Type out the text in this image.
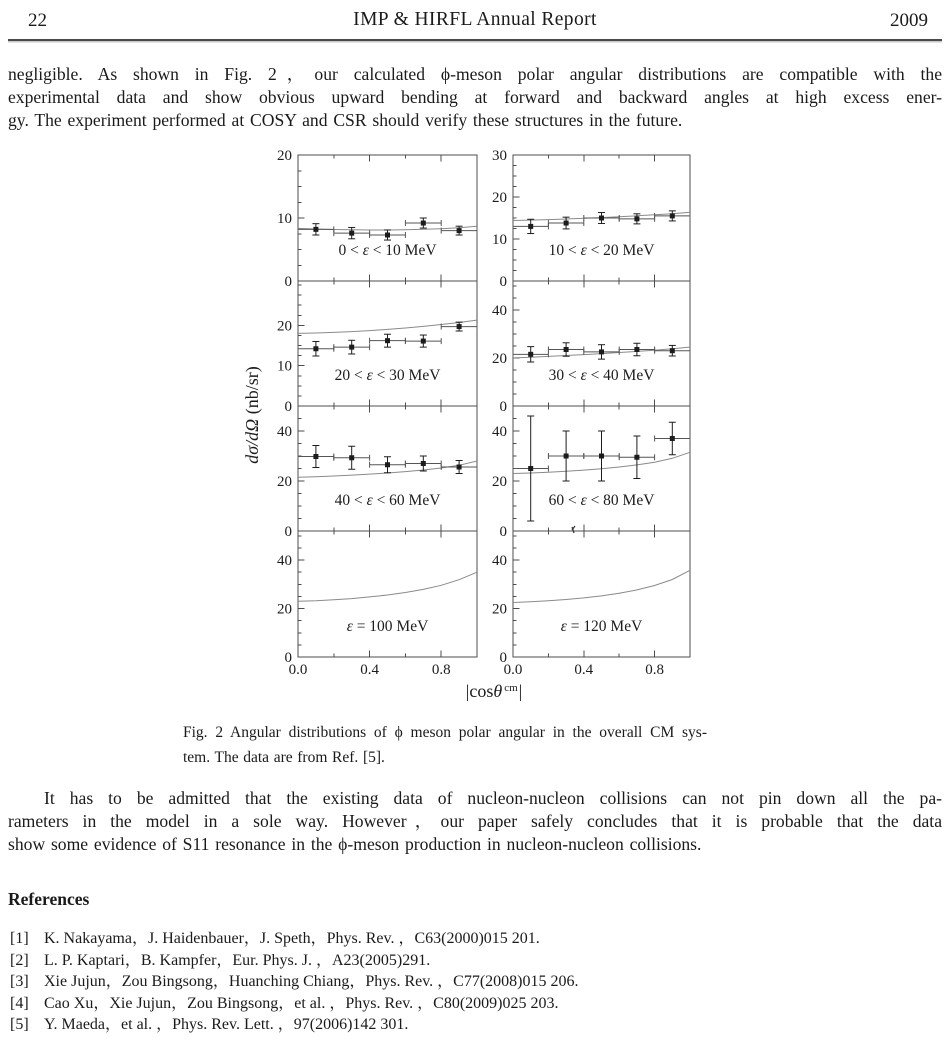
22	IMP & HIRFL Annual Report	2009
negligible. As shown in Fig. 2，our calculated ϕ-meson polar angular distributions are compatible with the
experimental data and show obvious upward bending at forward and backward angles at high excess ener-
gy. The experiment performed at COSY and CSR should verify these structures in the future.
0
10
20
0 < ε < 10 MeV
0
10
20
30
10 < ε < 20 MeV
0
10
20
20 < ε < 30 MeV
0
20
40
30 < ε < 40 MeV
0
20
40
40 < ε < 60 MeV
0
20
40
60 < ε < 80 MeV
0
20
40
0.0	0.4	0.8
ε = 100 MeV
0
20
40
0.0	0.4	0.8
ε = 120 MeV
|cosθ $^{cm}$|
dσ/dΩ (nb/sr)
Fig. 2 Angular distributions of ϕ meson polar angular in the overall CM sys-
tem. The data are from Ref. [5].
It has to be admitted that the existing data of nucleon-nucleon collisions can not pin down all the pa-
rameters in the model in a sole way. However，our paper safely concludes that it is probable that the data
show some evidence of S11 resonance in the ϕ-meson production in nucleon-nucleon collisions.
References
[1] K. Nakayama，J. Haidenbauer，J. Speth，Phys. Rev. ，C63(2000)015 201.
[2] L. P. Kaptari，B. Kampfer，Eur. Phys. J. ，A23(2005)291.
[3] Xie Jujun，Zou Bingsong，Huanching Chiang，Phys. Rev. ，C77(2008)015 206.
[4] Cao Xu，Xie Jujun，Zou Bingsong，et al. ，Phys. Rev. ，C80(2009)025 203.
[5] Y. Maeda，et al. ，Phys. Rev. Lett. ，97(2006)142 301.
